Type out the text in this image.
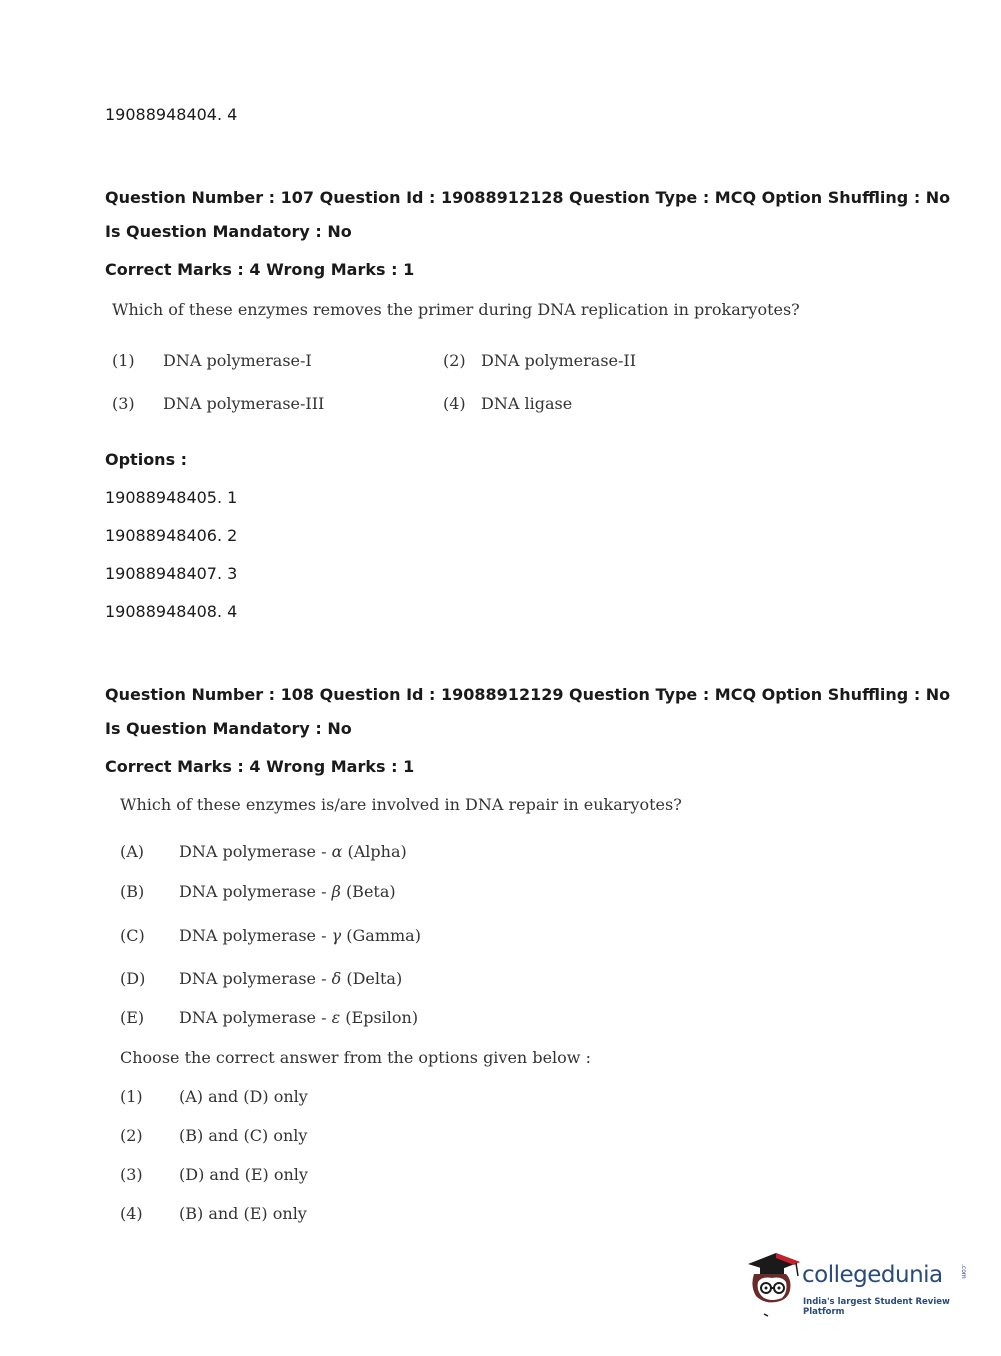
19088948404. 4
Question Number : 107 Question Id : 19088912128 Question Type : MCQ Option Shuffling : No
Is Question Mandatory : No
Correct Marks : 4 Wrong Marks : 1
Which of these enzymes removes the primer during DNA replication in prokaryotes?
(1) DNA polymerase-I	(2) DNA polymerase-II
(3) DNA polymerase-III	(4) DNA ligase
Options :
19088948405. 1
19088948406. 2
19088948407. 3
19088948408. 4
Question Number : 108 Question Id : 19088912129 Question Type : MCQ Option Shuffling : No
Is Question Mandatory : No
Correct Marks : 4 Wrong Marks : 1
Which of these enzymes is/are involved in DNA repair in eukaryotes?
(A) DNA polymerase - α (Alpha)
(B) DNA polymerase - β (Beta)
(C) DNA polymerase - γ (Gamma)
(D) DNA polymerase - δ (Delta)
(E) DNA polymerase - ε (Epsilon)
Choose the correct answer from the options given below :
(1) (A) and (D) only
(2) (B) and (C) only
(3) (D) and (E) only
(4) (B) and (E) only
collegedunia	.com
India's largest Student Review Platform
